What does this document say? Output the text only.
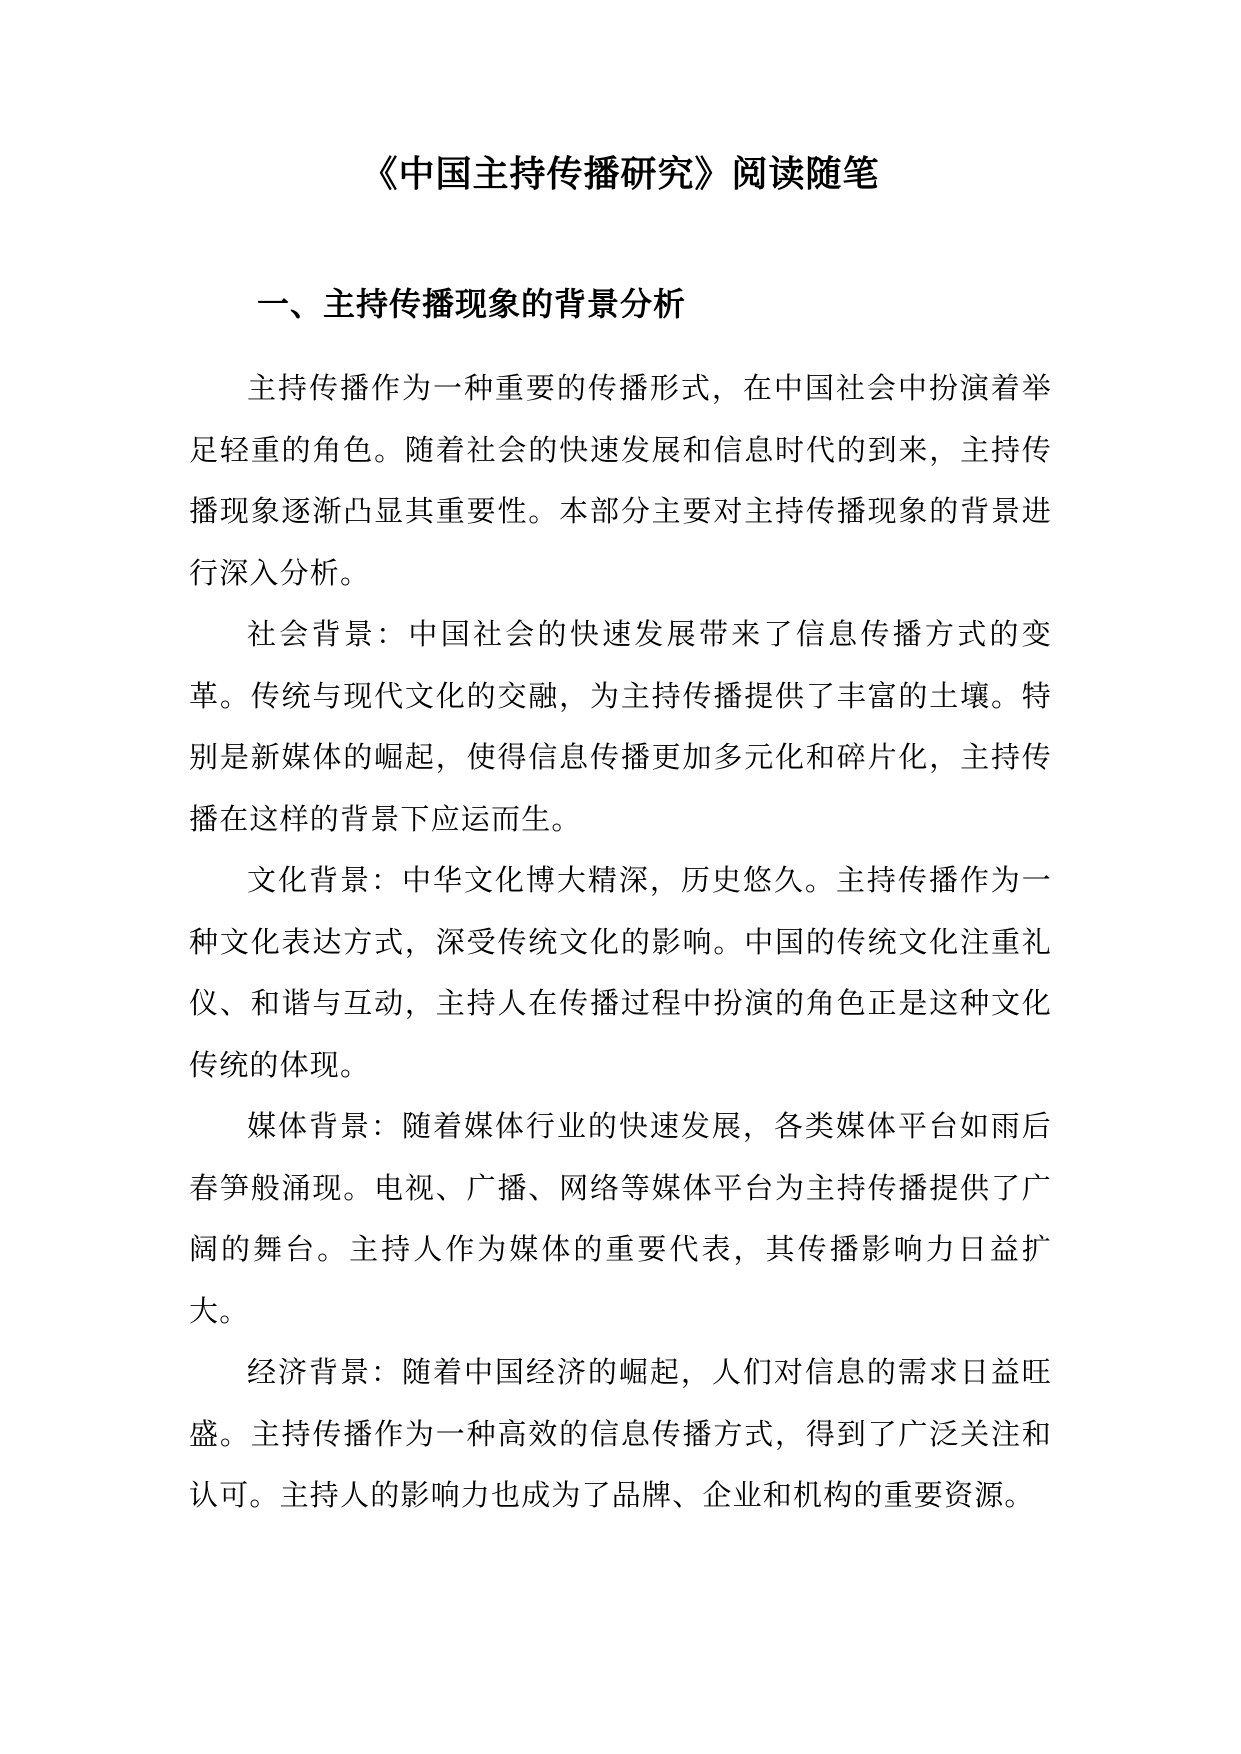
《中国主持传播研究》阅读随笔
一、主持传播现象的背景分析

主持传播作为一种重要的传播形式，在中国社会中扮演着举足轻重的角色。随着社会的快速发展和信息时代的到来，主持传播现象逐渐凸显其重要性。本部分主要对主持传播现象的背景进行深入分析。

社会背景：中国社会的快速发展带来了信息传播方式的变革。传统与现代文化的交融，为主持传播提供了丰富的土壤。特别是新媒体的崛起，使得信息传播更加多元化和碎片化，主持传播在这样的背景下应运而生。

文化背景：中华文化博大精深，历史悠久。主持传播作为一种文化表达方式，深受传统文化的影响。中国的传统文化注重礼仪、和谐与互动，主持人在传播过程中扮演的角色正是这种文化传统的体现。

媒体背景：随着媒体行业的快速发展，各类媒体平台如雨后春笋般涌现。电视、广播、网络等媒体平台为主持传播提供了广阔的舞台。主持人作为媒体的重要代表，其传播影响力日益扩大。

经济背景：随着中国经济的崛起，人们对信息的需求日益旺盛。主持传播作为一种高效的信息传播方式，得到了广泛关注和认可。主持人的影响力也成为了品牌、企业和机构的重要资源。
